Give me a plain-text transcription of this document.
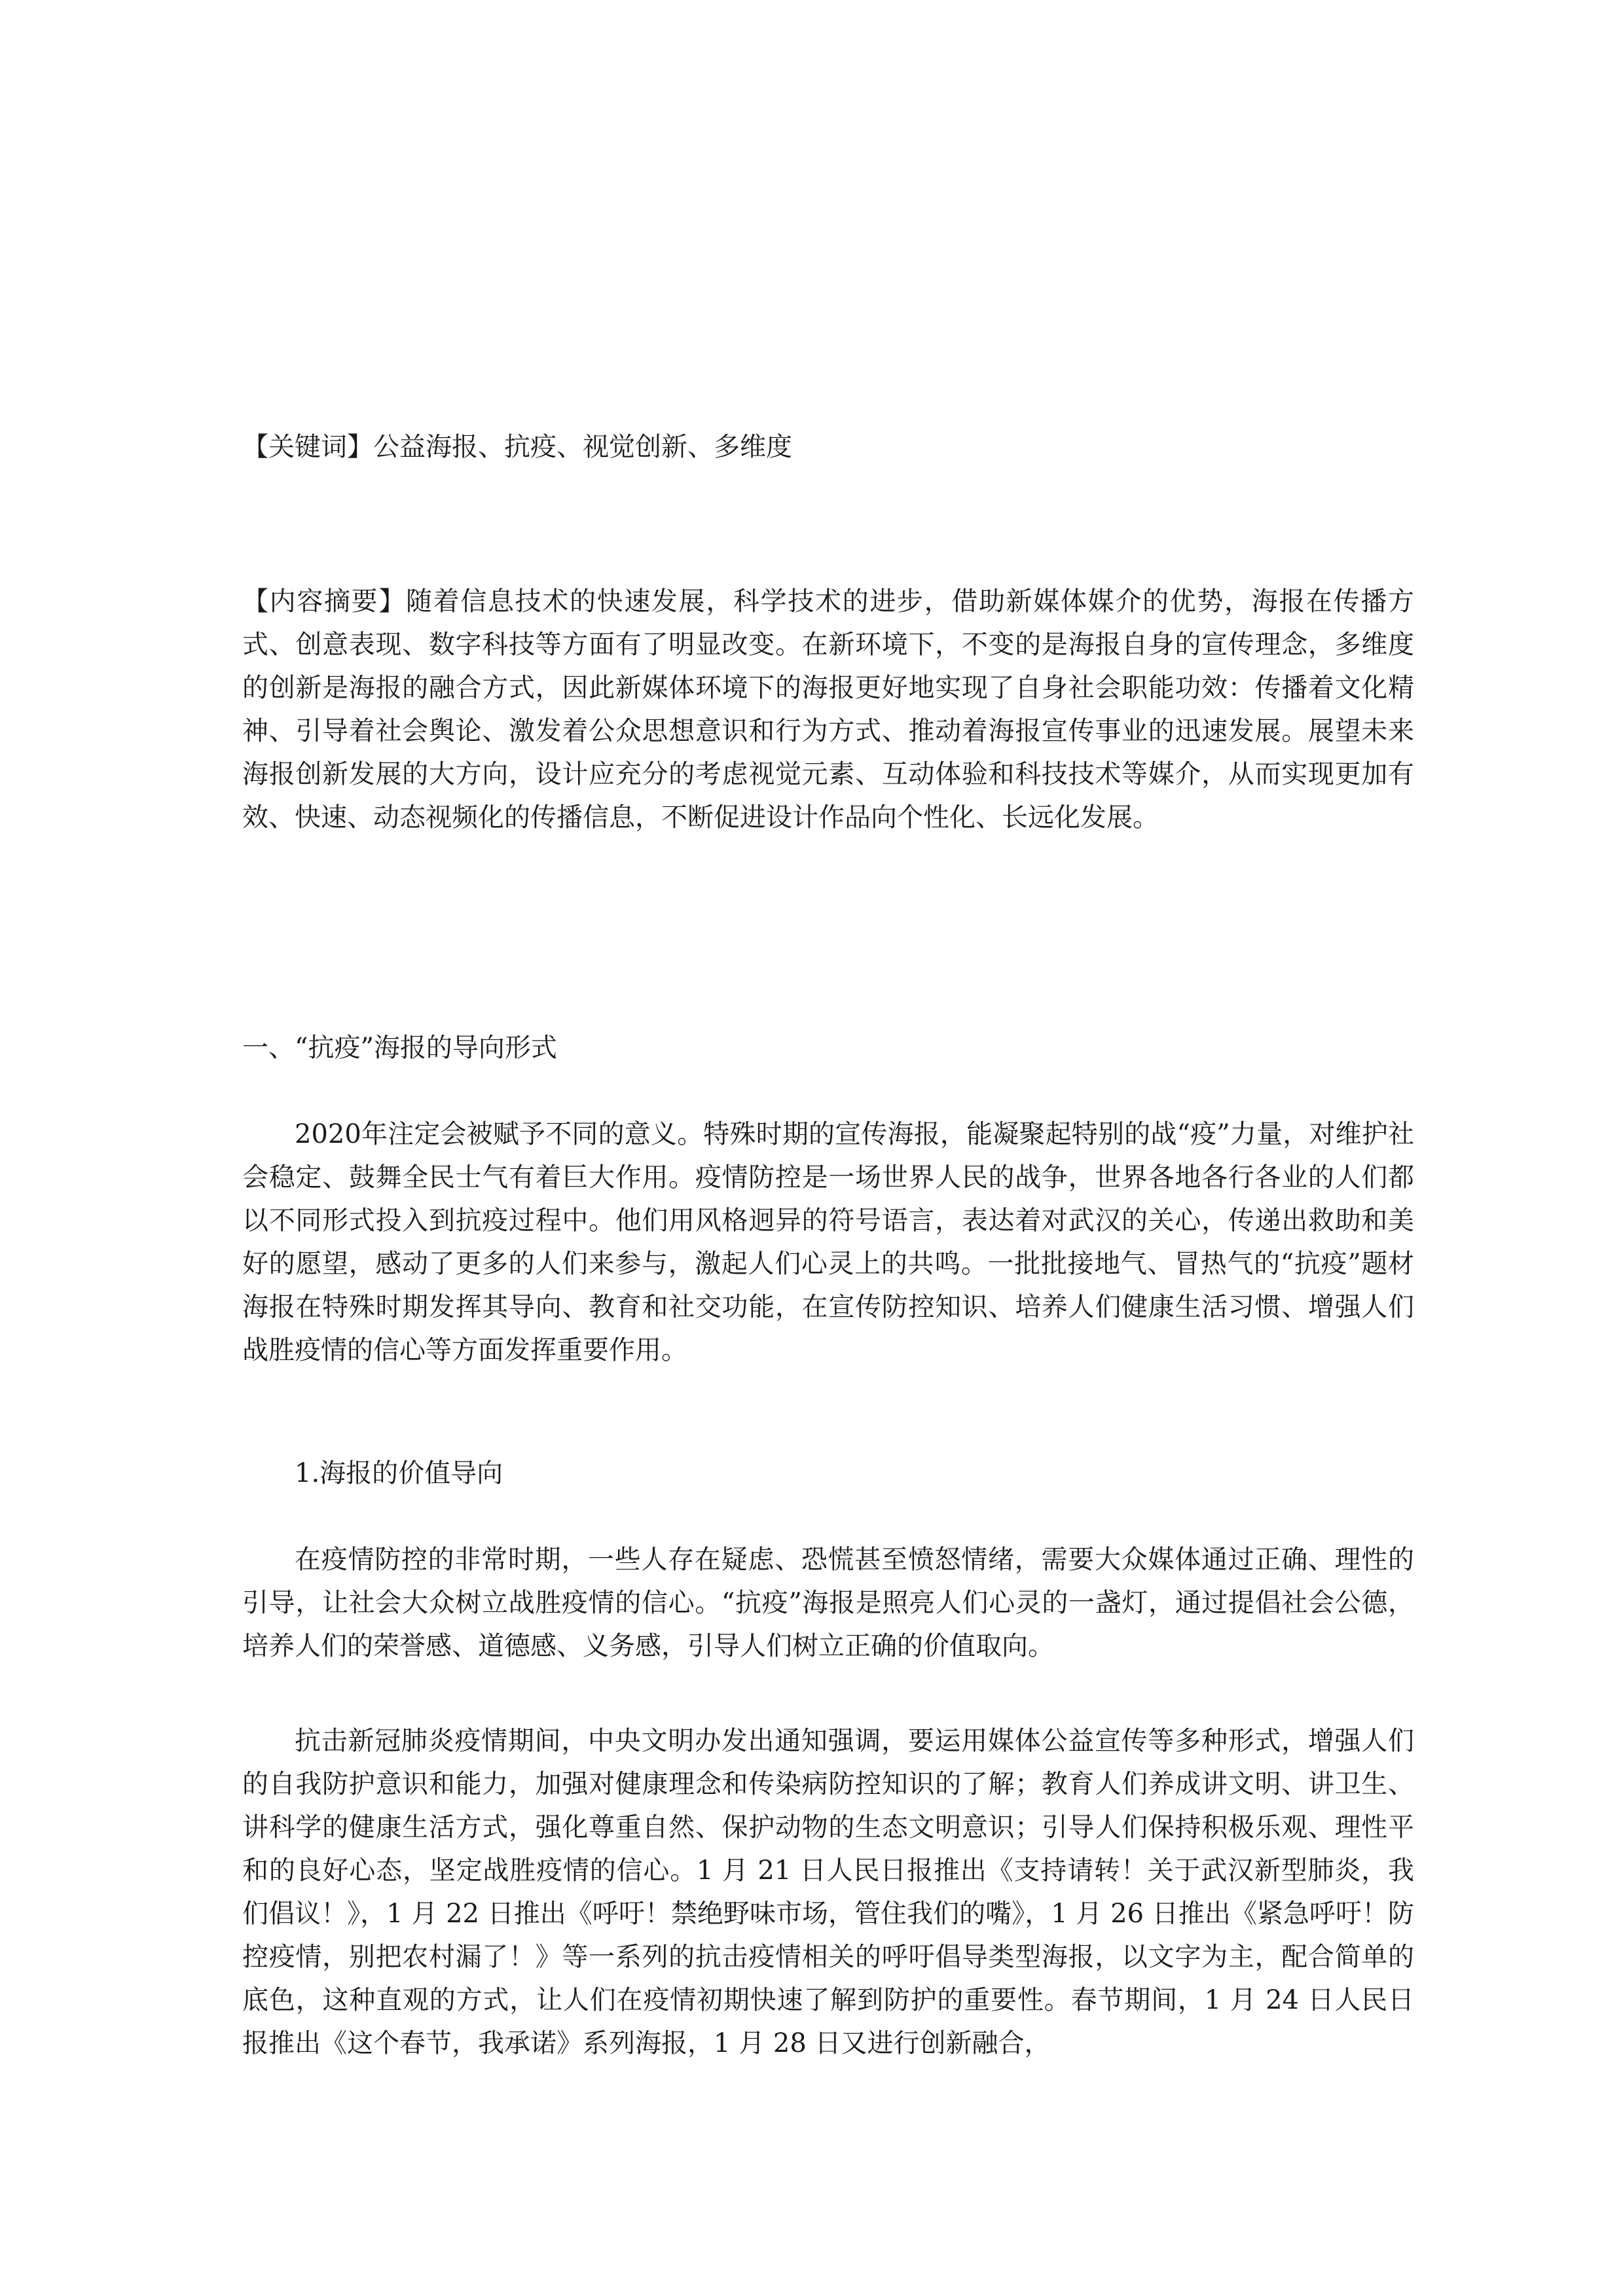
【关键词】公益海报、抗疫、视觉创新、多维度

【内容摘要】随着信息技术的快速发展，科学技术的进步，借助新媒体媒介的优势，海报在传播方式、创意表现、数字科技等方面有了明显改变。在新环境下，不变的是海报自身的宣传理念，多维度的创新是海报的融合方式，因此新媒体环境下的海报更好地实现了自身社会职能功效：传播着文化精神、引导着社会舆论、激发着公众思想意识和行为方式、推动着海报宣传事业的迅速发展。展望未来海报创新发展的大方向，设计应充分的考虑视觉元素、互动体验和科技技术等媒介，从而实现更加有效、快速、动态视频化的传播信息，不断促进设计作品向个性化、长远化发展。

一、“抗疫”海报的导向形式

2020年注定会被赋予不同的意义。特殊时期的宣传海报，能凝聚起特别的战“疫”力量，对维护社会稳定、鼓舞全民士气有着巨大作用。疫情防控是一场世界人民的战争，世界各地各行各业的人们都以不同形式投入到抗疫过程中。他们用风格迥异的符号语言，表达着对武汉的关心，传递出救助和美好的愿望，感动了更多的人们来参与，激起人们心灵上的共鸣。一批批接地气、冒热气的“抗疫”题材海报在特殊时期发挥其导向、教育和社交功能，在宣传防控知识、培养人们健康生活习惯、增强人们战胜疫情的信心等方面发挥重要作用。

1.海报的价值导向

在疫情防控的非常时期，一些人存在疑虑、恐慌甚至愤怒情绪，需要大众媒体通过正确、理性的引导，让社会大众树立战胜疫情的信心。“抗疫”海报是照亮人们心灵的一盏灯，通过提倡社会公德，培养人们的荣誉感、道德感、义务感，引导人们树立正确的价值取向。

抗击新冠肺炎疫情期间，中央文明办发出通知强调，要运用媒体公益宣传等多种形式，增强人们的自我防护意识和能力，加强对健康理念和传染病防控知识的了解；教育人们养成讲文明、讲卫生、讲科学的健康生活方式，强化尊重自然、保护动物的生态文明意识；引导人们保持积极乐观、理性平和的良好心态，坚定战胜疫情的信心。1 月 21 日人民日报推出《支持请转！关于武汉新型肺炎，我们倡议！》，1 月 22 日推出《呼吁！禁绝野味市场，管住我们的嘴》，1 月 26 日推出《紧急呼吁！防控疫情，别把农村漏了！》等一系列的抗击疫情相关的呼吁倡导类型海报，以文字为主，配合简单的底色，这种直观的方式，让人们在疫情初期快速了解到防护的重要性。春节期间，1 月 24 日人民日报推出《这个春节，我承诺》系列海报，1 月 28 日又进行创新融合，
